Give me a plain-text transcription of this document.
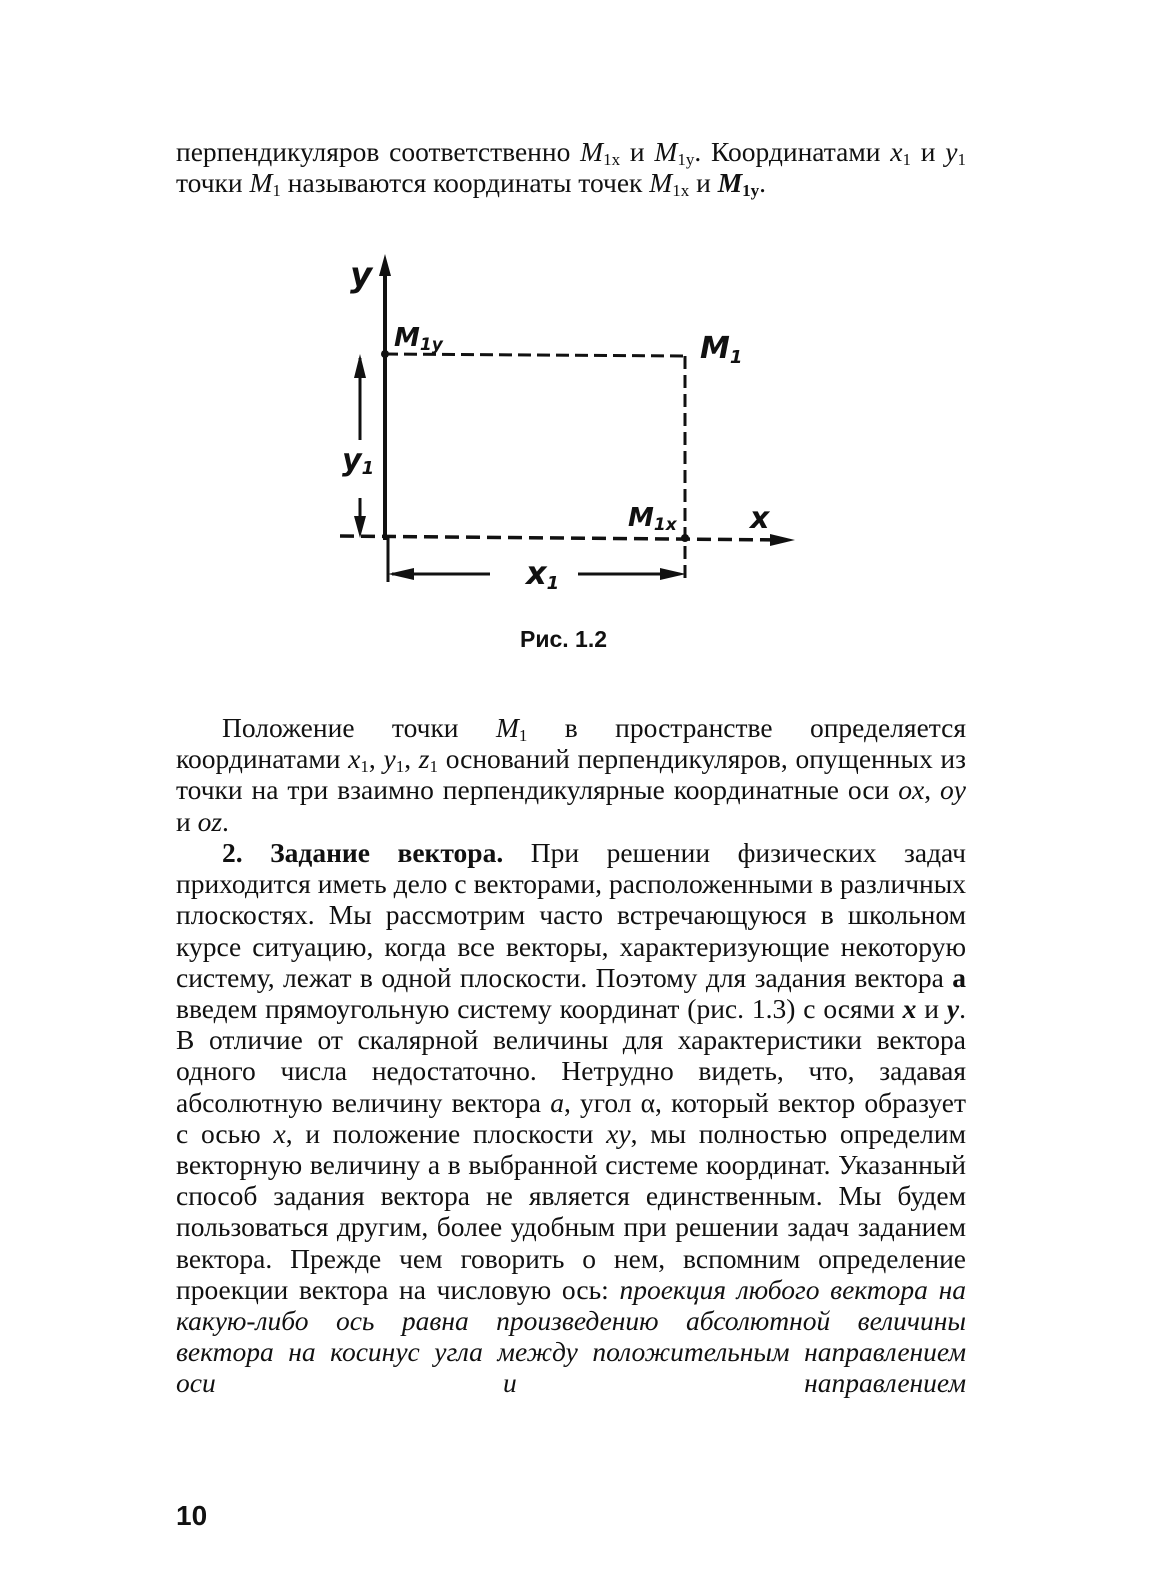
перпендикуляров соответственно $M_{1x}$ и $M_{1y}$. Координатами $x_1$ и $y_1$ точки $M_1$ называются координаты точек $M_{1x}$ и $M_{1y}$.

y
x
M1y	M1
M1x
y1
x1
Рис. 1.2

Положение точки $M_1$ в пространстве определяется координатами $x_1$, $y_1$, $z_1$ оснований перпендикуляров, опущенных из точки на три взаимно перпендикулярные координатные оси ox, oy и oz.

2. Задание вектора. При решении физических задач приходится иметь дело с векторами, расположенными в различных плоскостях. Мы рассмотрим часто встречающуюся в школьном курсе ситуацию, когда все векторы, характеризующие некоторую систему, лежат в одной плоскости. Поэтому для задания вектора а введем прямоугольную систему координат (рис. 1.3) с осями x и y. В отличие от скалярной величины для характеристики вектора одного числа недостаточно. Нетрудно видеть, что, задавая абсолютную величину вектора a, угол α, который вектор образует с осью x, и положение плоскости xy, мы полностью определим векторную величину а в выбранной системе координат. Указанный способ задания вектора не является единственным. Мы будем пользоваться другим, более удобным при решении задач заданием вектора. Прежде чем говорить о нем, вспомним определение проекции вектора на числовую ось: проекция любого вектора на какую-либо ось равна произведению абсолютной величины вектора на косинус угла между положительным направлением оси и направлением

10
